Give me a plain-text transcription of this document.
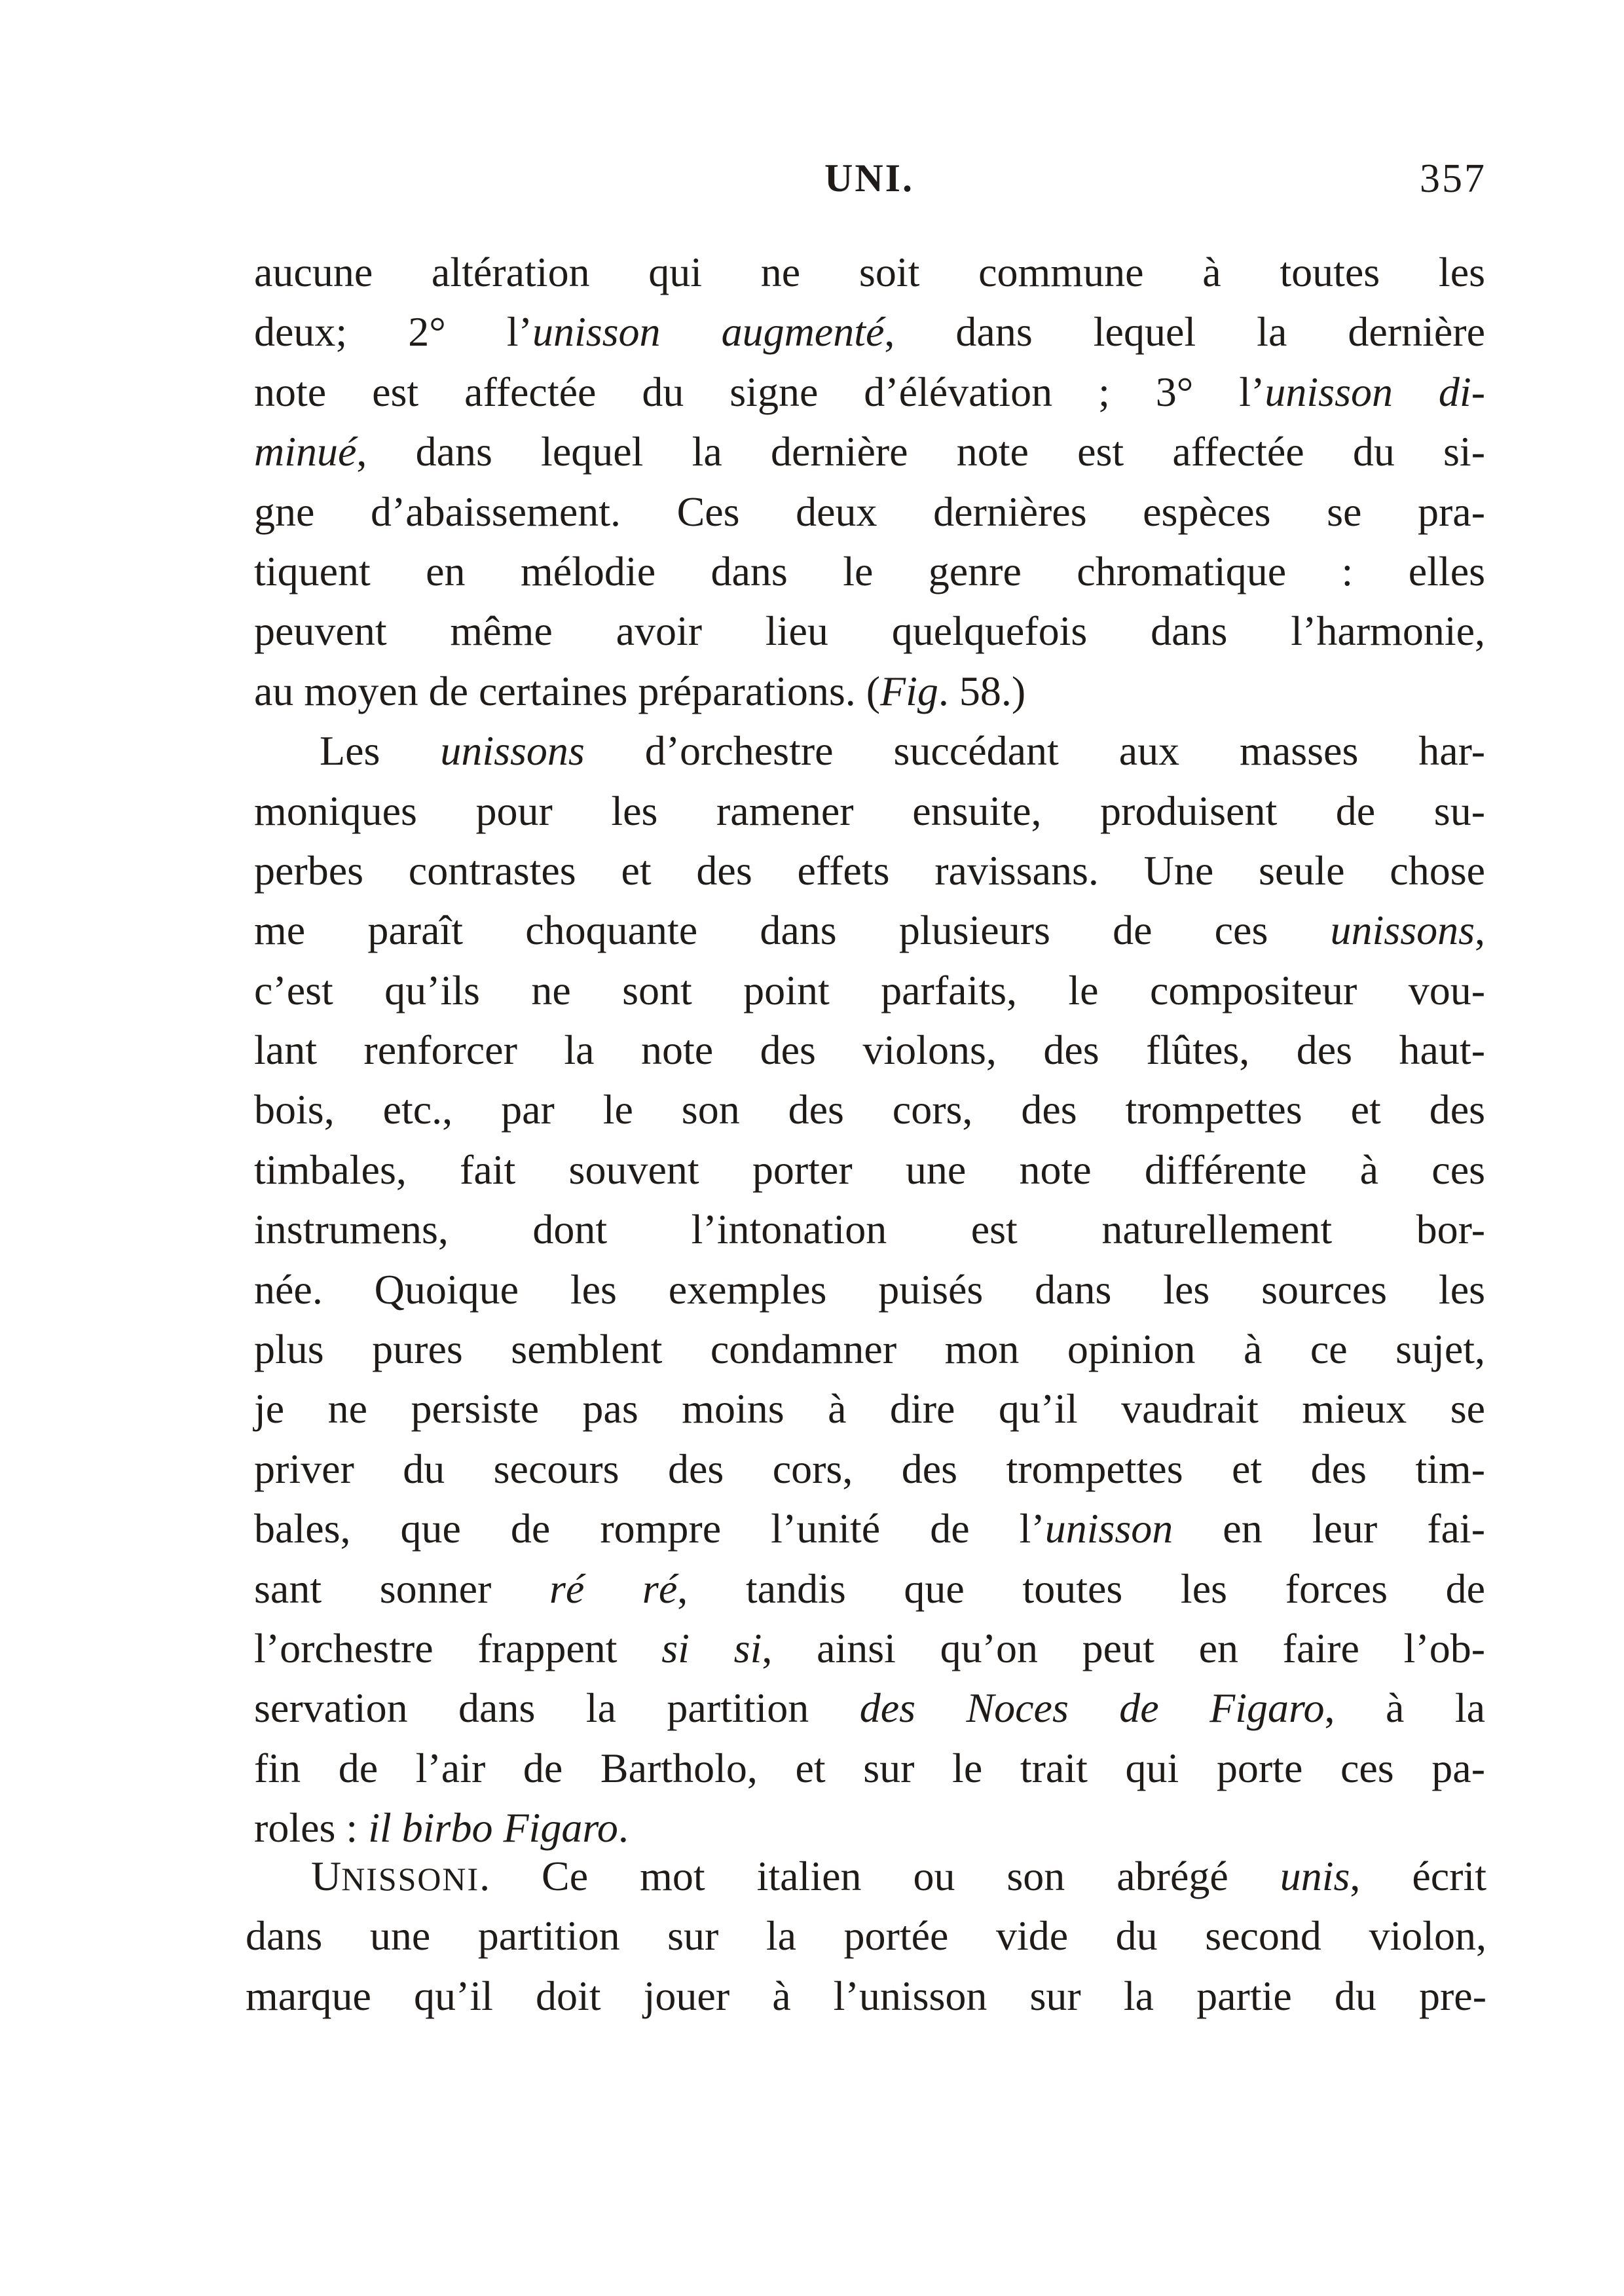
UNI.	357
aucune altération qui ne soit commune à toutes les
deux; 2° l’unisson augmenté, dans lequel la dernière
note est affectée du signe d’élévation ; 3° l’unisson di-
minué, dans lequel la dernière note est affectée du si-
gne d’abaissement. Ces deux dernières espèces se pra-
tiquent en mélodie dans le genre chromatique : elles
peuvent même avoir lieu quelquefois dans l’harmonie,
au moyen de certaines préparations. (Fig. 58.)
Les unissons d’orchestre succédant aux masses har-
moniques pour les ramener ensuite, produisent de su-
perbes contrastes et des effets ravissans. Une seule chose
me paraît choquante dans plusieurs de ces unissons,
c’est qu’ils ne sont point parfaits, le compositeur vou-
lant renforcer la note des violons, des flûtes, des haut-
bois, etc., par le son des cors, des trompettes et des
timbales, fait souvent porter une note différente à ces
instrumens, dont l’intonation est naturellement bor-
née. Quoique les exemples puisés dans les sources les
plus pures semblent condamner mon opinion à ce sujet,
je ne persiste pas moins à dire qu’il vaudrait mieux se
priver du secours des cors, des trompettes et des tim-
bales, que de rompre l’unité de l’unisson en leur fai-
sant sonner ré ré, tandis que toutes les forces de
l’orchestre frappent si si, ainsi qu’on peut en faire l’ob-
servation dans la partition des Noces de Figaro, à la
fin de l’air de Bartholo, et sur le trait qui porte ces pa-
roles : il birbo Figaro.
UNISSONI. Ce mot italien ou son abrégé unis, écrit
dans une partition sur la portée vide du second violon,
marque qu’il doit jouer à l’unisson sur la partie du pre-
